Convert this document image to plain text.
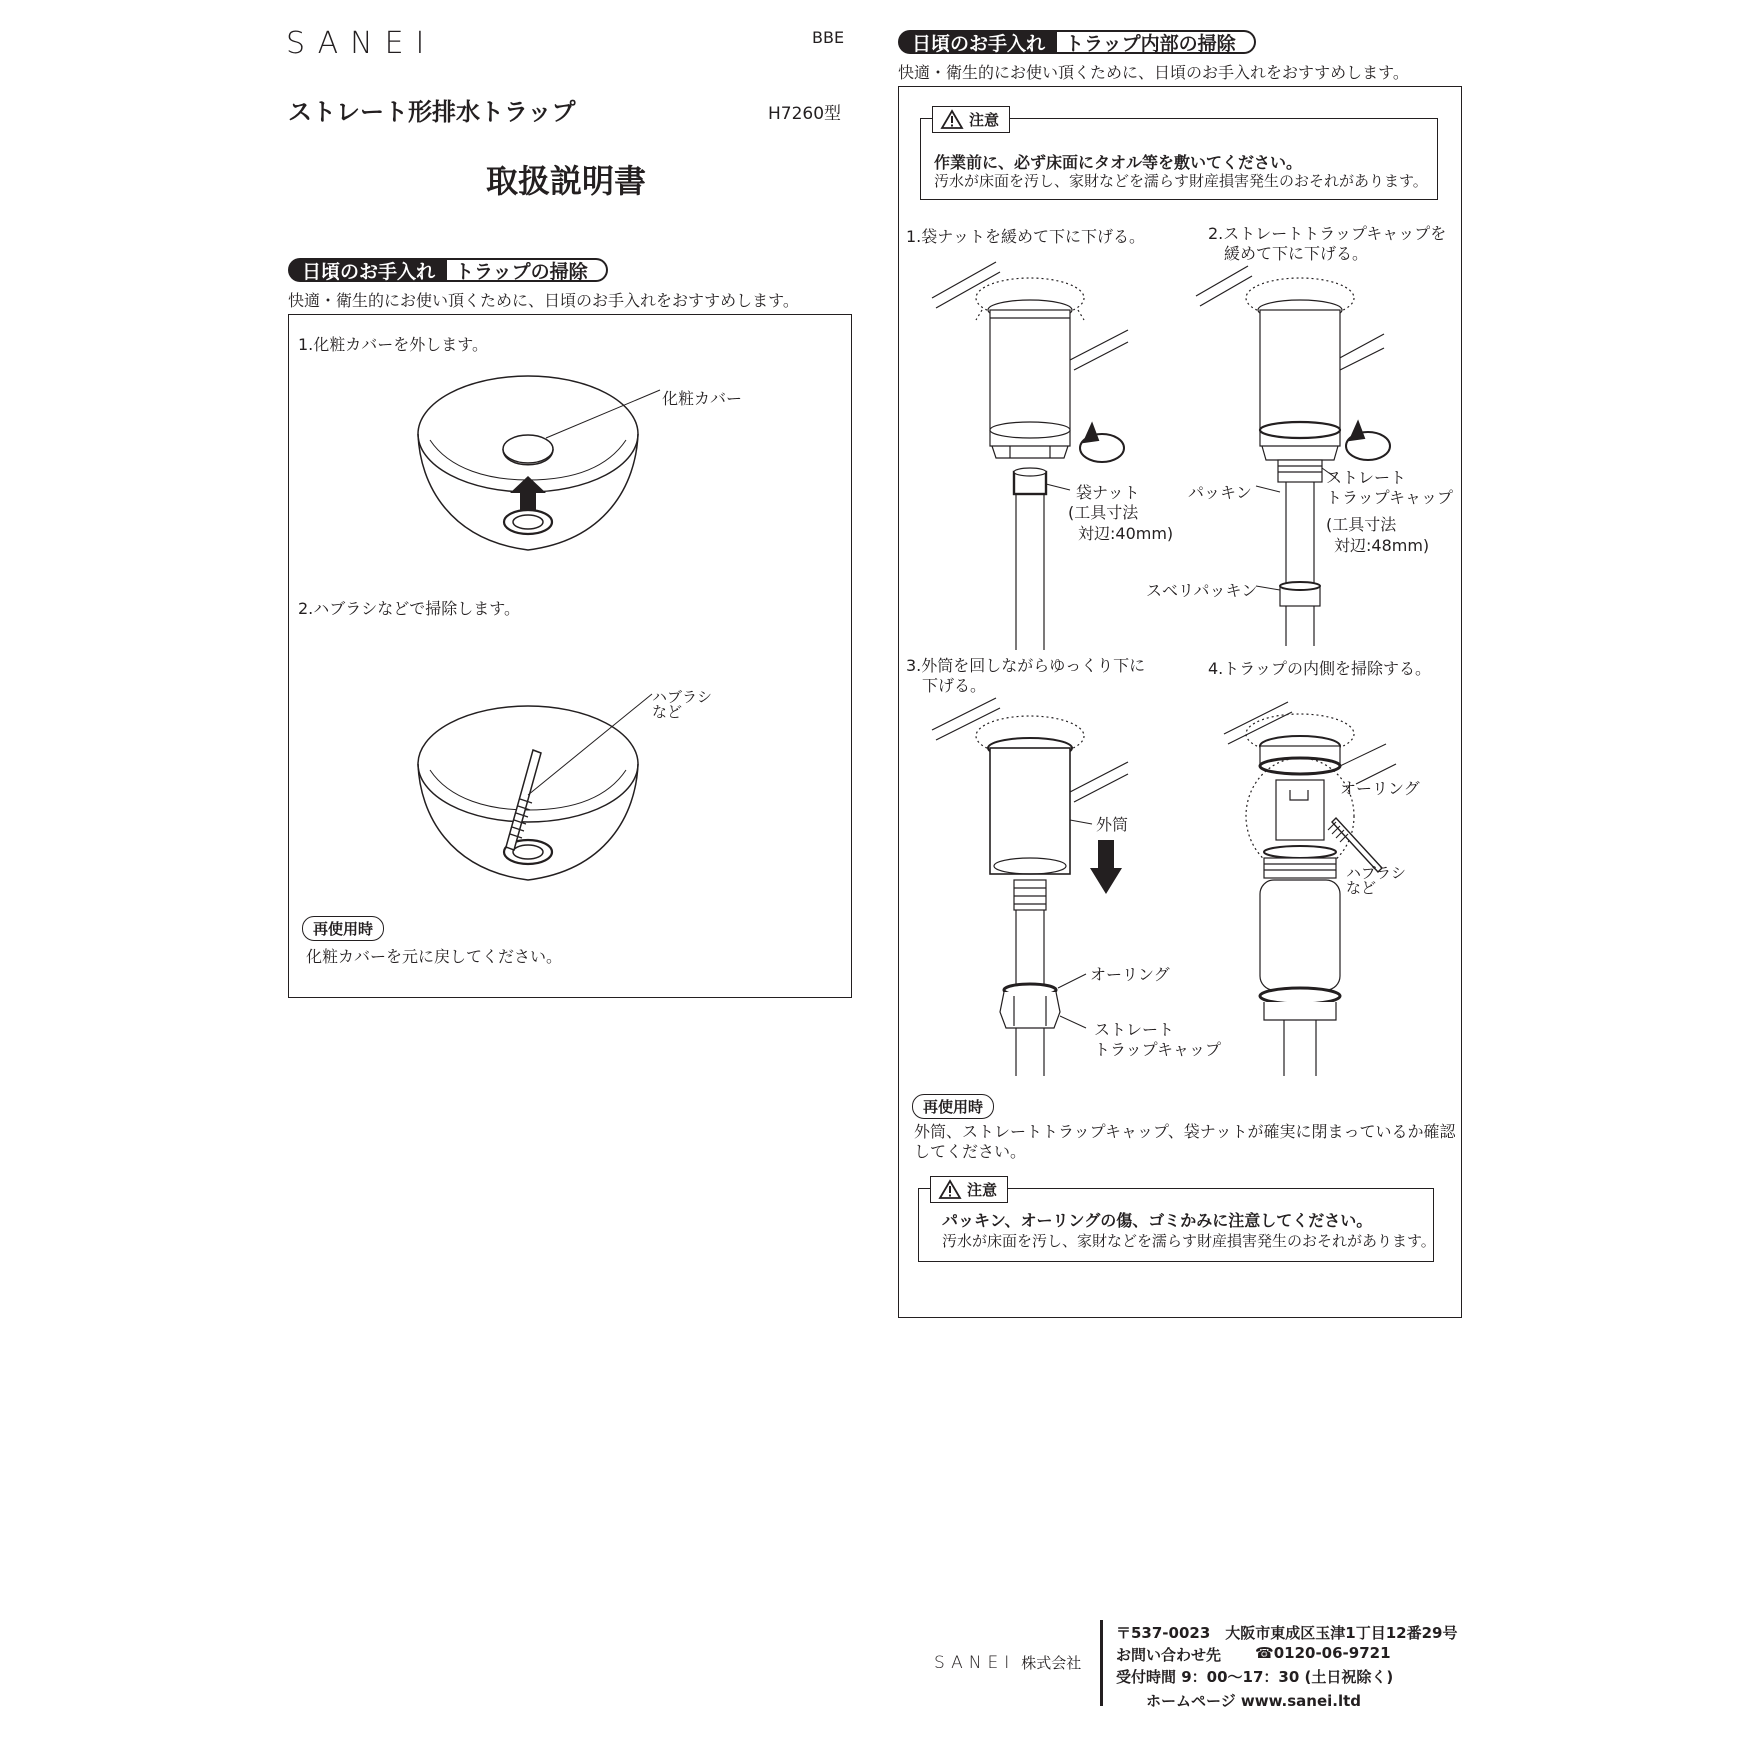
SANEI	BBE
ストレート形排水トラップ	H7260型
取扱説明書
日頃のお手入れ	トラップの掃除
快適・衛生的にお使い頂くために、日頃のお手入れをおすすめします。
1.化粧カバーを外します。
化粧カバー
2.ハブラシなどで掃除します。
ハブラシ
など
再使用時
化粧カバーを元に戻してください。
日頃のお手入れ	トラップ内部の掃除
快適・衛生的にお使い頂くために、日頃のお手入れをおすすめします。
注意
作業前に、必ず床面にタオル等を敷いてください。
汚水が床面を汚し、家財などを濡らす財産損害発生のおそれがあります。
1.袋ナットを緩めて下に下げる。
袋ナット
(工具寸法
対辺:40mm)
2.ストレートトラップキャップを
緩めて下に下げる。
パッキン
ストレート
トラップキャップ
(工具寸法
対辺:48mm)
スベリパッキン
3.外筒を回しながらゆっくり下に
下げる。
外筒
オーリング
ストレート
トラップキャップ
4.トラップの内側を掃除する。
オーリング
ハブラシ
など
再使用時
外筒、ストレートトラップキャップ、袋ナットが確実に閉まっているか確認
してください。
注意
パッキン、オーリングの傷、ゴミかみに注意してください。
汚水が床面を汚し、家財などを濡らす財産損害発生のおそれがあります。
SANEI 株式会社
〒537-0023　大阪市東成区玉津1丁目12番29号
お問い合わせ先 ☎0120-06-9721
受付時間 9：00～17：30 (土日祝除く)
ホームページ www.sanei.ltd
